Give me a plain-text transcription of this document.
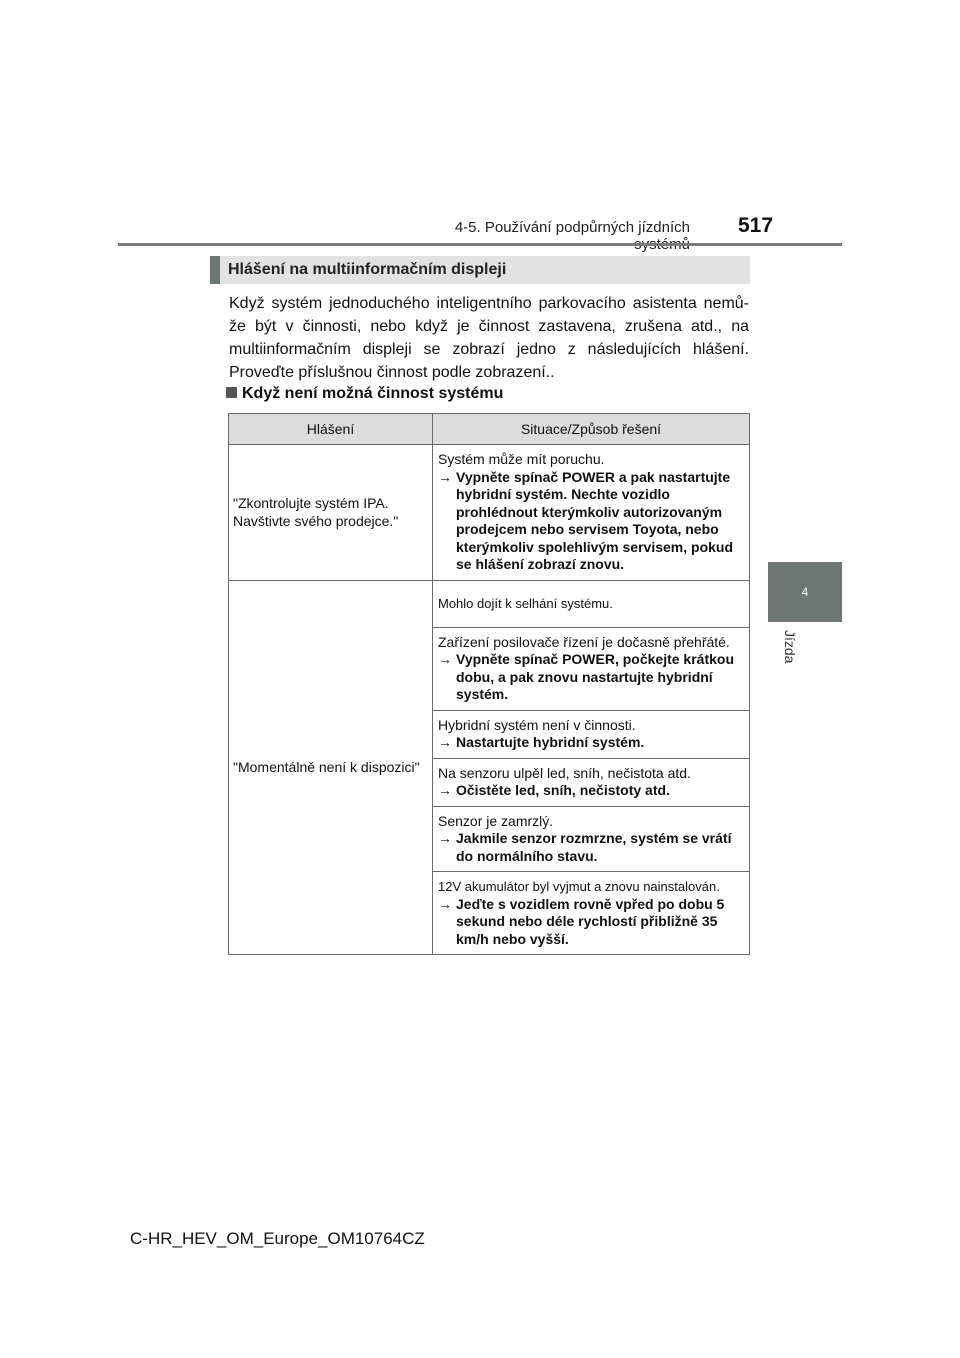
4-5. Používání podpůrných jízdních 517
4
Jízda
Hlášení na multiinformačním displeji
Když systém jednoduchého inteligentního parkovacího asistenta nemů-že být v činnosti, nebo když je činnost zastavena, zrušena atd., na multiinformačním displeji se zobrazí jedno z následujících hlášení. Proveďte příslušnou činnost podle zobrazení..
Když není možná činnost systému
Hlášení	Situace/Způsob řešení
"Zkontrolujte systém IPA. Navštivte svého prodejce."	Systém může mít poruchu.
→ Vypněte spínač POWER a pak nastartujte hybridní systém. Nechte vozidlo prohlédnout kterýmkoliv autorizovaným prodejcem nebo servisem Toyota, nebo kterýmkoliv spolehlivým servisem, pokud se hlášení zobrazí znovu.

"Momentálně není k dispozici"	Mohlo dojít k selhání systému.
	Zařízení posilovače řízení je dočasně přehřáté.
→ Vypněte spínač POWER, počkejte krátkou dobu, a pak znovu nastartujte hybridní systém.

	Hybridní systém není v činnosti.
→ Nastartujte hybridní systém.

	Na senzoru ulpěl led, sníh, nečistota atd.
→ Očistěte led, sníh, nečistoty atd.

	Senzor je zamrzlý.
→ Jakmile senzor rozmrzne, systém se vrátí do normálního stavu.

	12V akumulátor byl vyjmut a znovu nainstalován.
→ Jeďte s vozidlem rovně vpřed po dobu 5 sekund nebo déle rychlostí přibližně 35 km/h nebo vyšší.
C-HR_HEV_OM_Europe_OM10764CZ
